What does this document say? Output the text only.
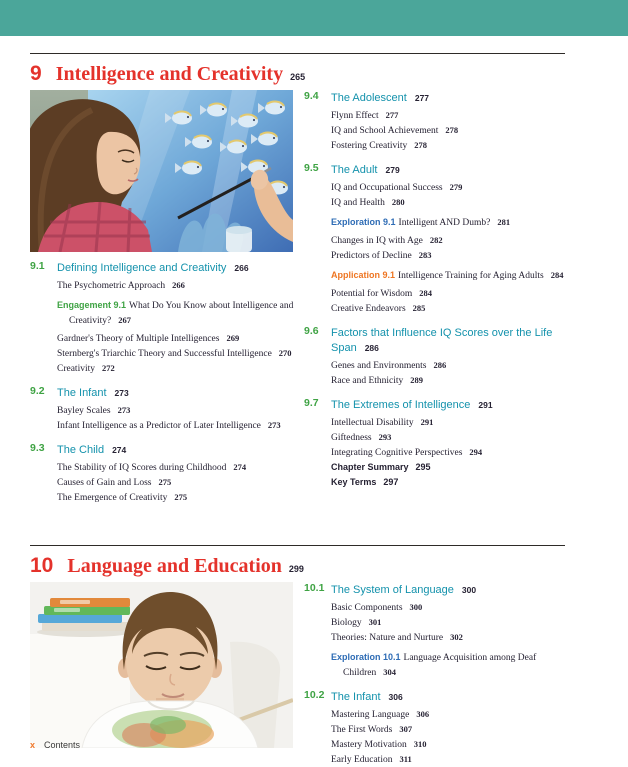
9 Intelligence and Creativity 265
9.1	Defining Intelligence and Creativity 266
The Psychometric Approach 266
Engagement 9.1 What Do You Know about Intelligence and Creativity? 267
Gardner's Theory of Multiple Intelligences 269
Sternberg's Triarchic Theory and Successful Intelligence 270
Creativity 272
9.2	The Infant 273
Bayley Scales 273
Infant Intelligence as a Predictor of Later Intelligence 273
9.3	The Child 274
The Stability of IQ Scores during Childhood 274
Causes of Gain and Loss 275
The Emergence of Creativity 275
9.4	The Adolescent 277
Flynn Effect 277
IQ and School Achievement 278
Fostering Creativity 278
9.5	The Adult 279
IQ and Occupational Success 279
IQ and Health 280
Exploration 9.1 Intelligent AND Dumb? 281
Changes in IQ with Age 282
Predictors of Decline 283
Application 9.1 Intelligence Training for Aging Adults 284
Potential for Wisdom 284
Creative Endeavors 285
9.6	Factors that Influence IQ Scores over the Life Span 286
Genes and Environments 286
Race and Ethnicity 289
9.7	The Extremes of Intelligence 291
Intellectual Disability 291
Giftedness 293
Integrating Cognitive Perspectives 294
Chapter Summary 295
Key Terms 297
10 Language and Education 299
10.1 The System of Language 300
Basic Components 300
Biology 301
Theories: Nature and Nurture 302
Exploration 10.1 Language Acquisition among Deaf Children 304
10.2 The Infant 306
Mastering Language 306
The First Words 307
Mastery Motivation 310
Early Education 311
x Contents
